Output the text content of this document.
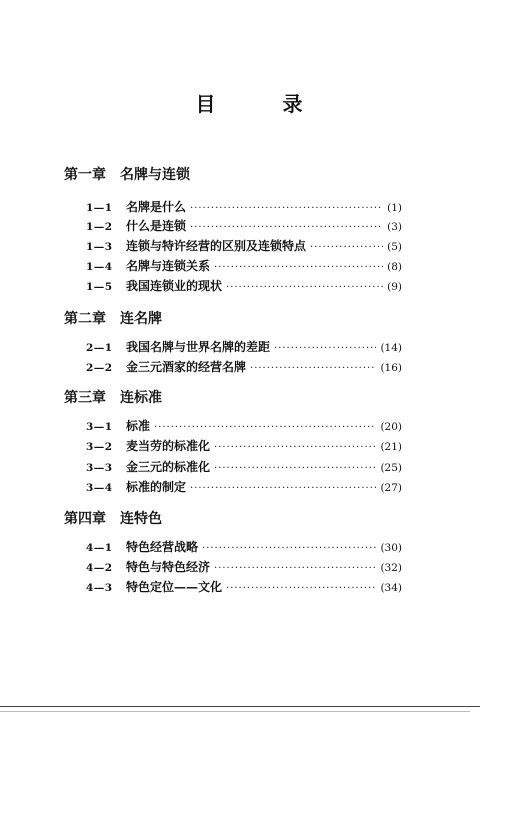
目 录
第一章 名牌与连锁
1—1	名牌是什么 ·····	(1)
1—2	什么是连锁 ·····	(3)
1—3	连锁与特许经营的区别及连锁特点 ·····	(5)
1—4	名牌与连锁关系 ·····	(8)
1—5	我国连锁业的现状 ·····	(9)
第二章 连名牌
2—1	我国名牌与世界名牌的差距 ·····	(14)
2—2	金三元酒家的经营名牌 ·····	(16)
第三章 连标准
3—1	标准 ·····	(20)
3—2	麦当劳的标准化 ·····	(21)
3—3	金三元的标准化 ·····	(25)
3—4	标准的制定 ·····	(27)
第四章 连特色
4—1	特色经营战略 ·····	(30)
4—2	特色与特色经济 ·····	(32)
4—3	特色定位——文化 ·····	(34)
